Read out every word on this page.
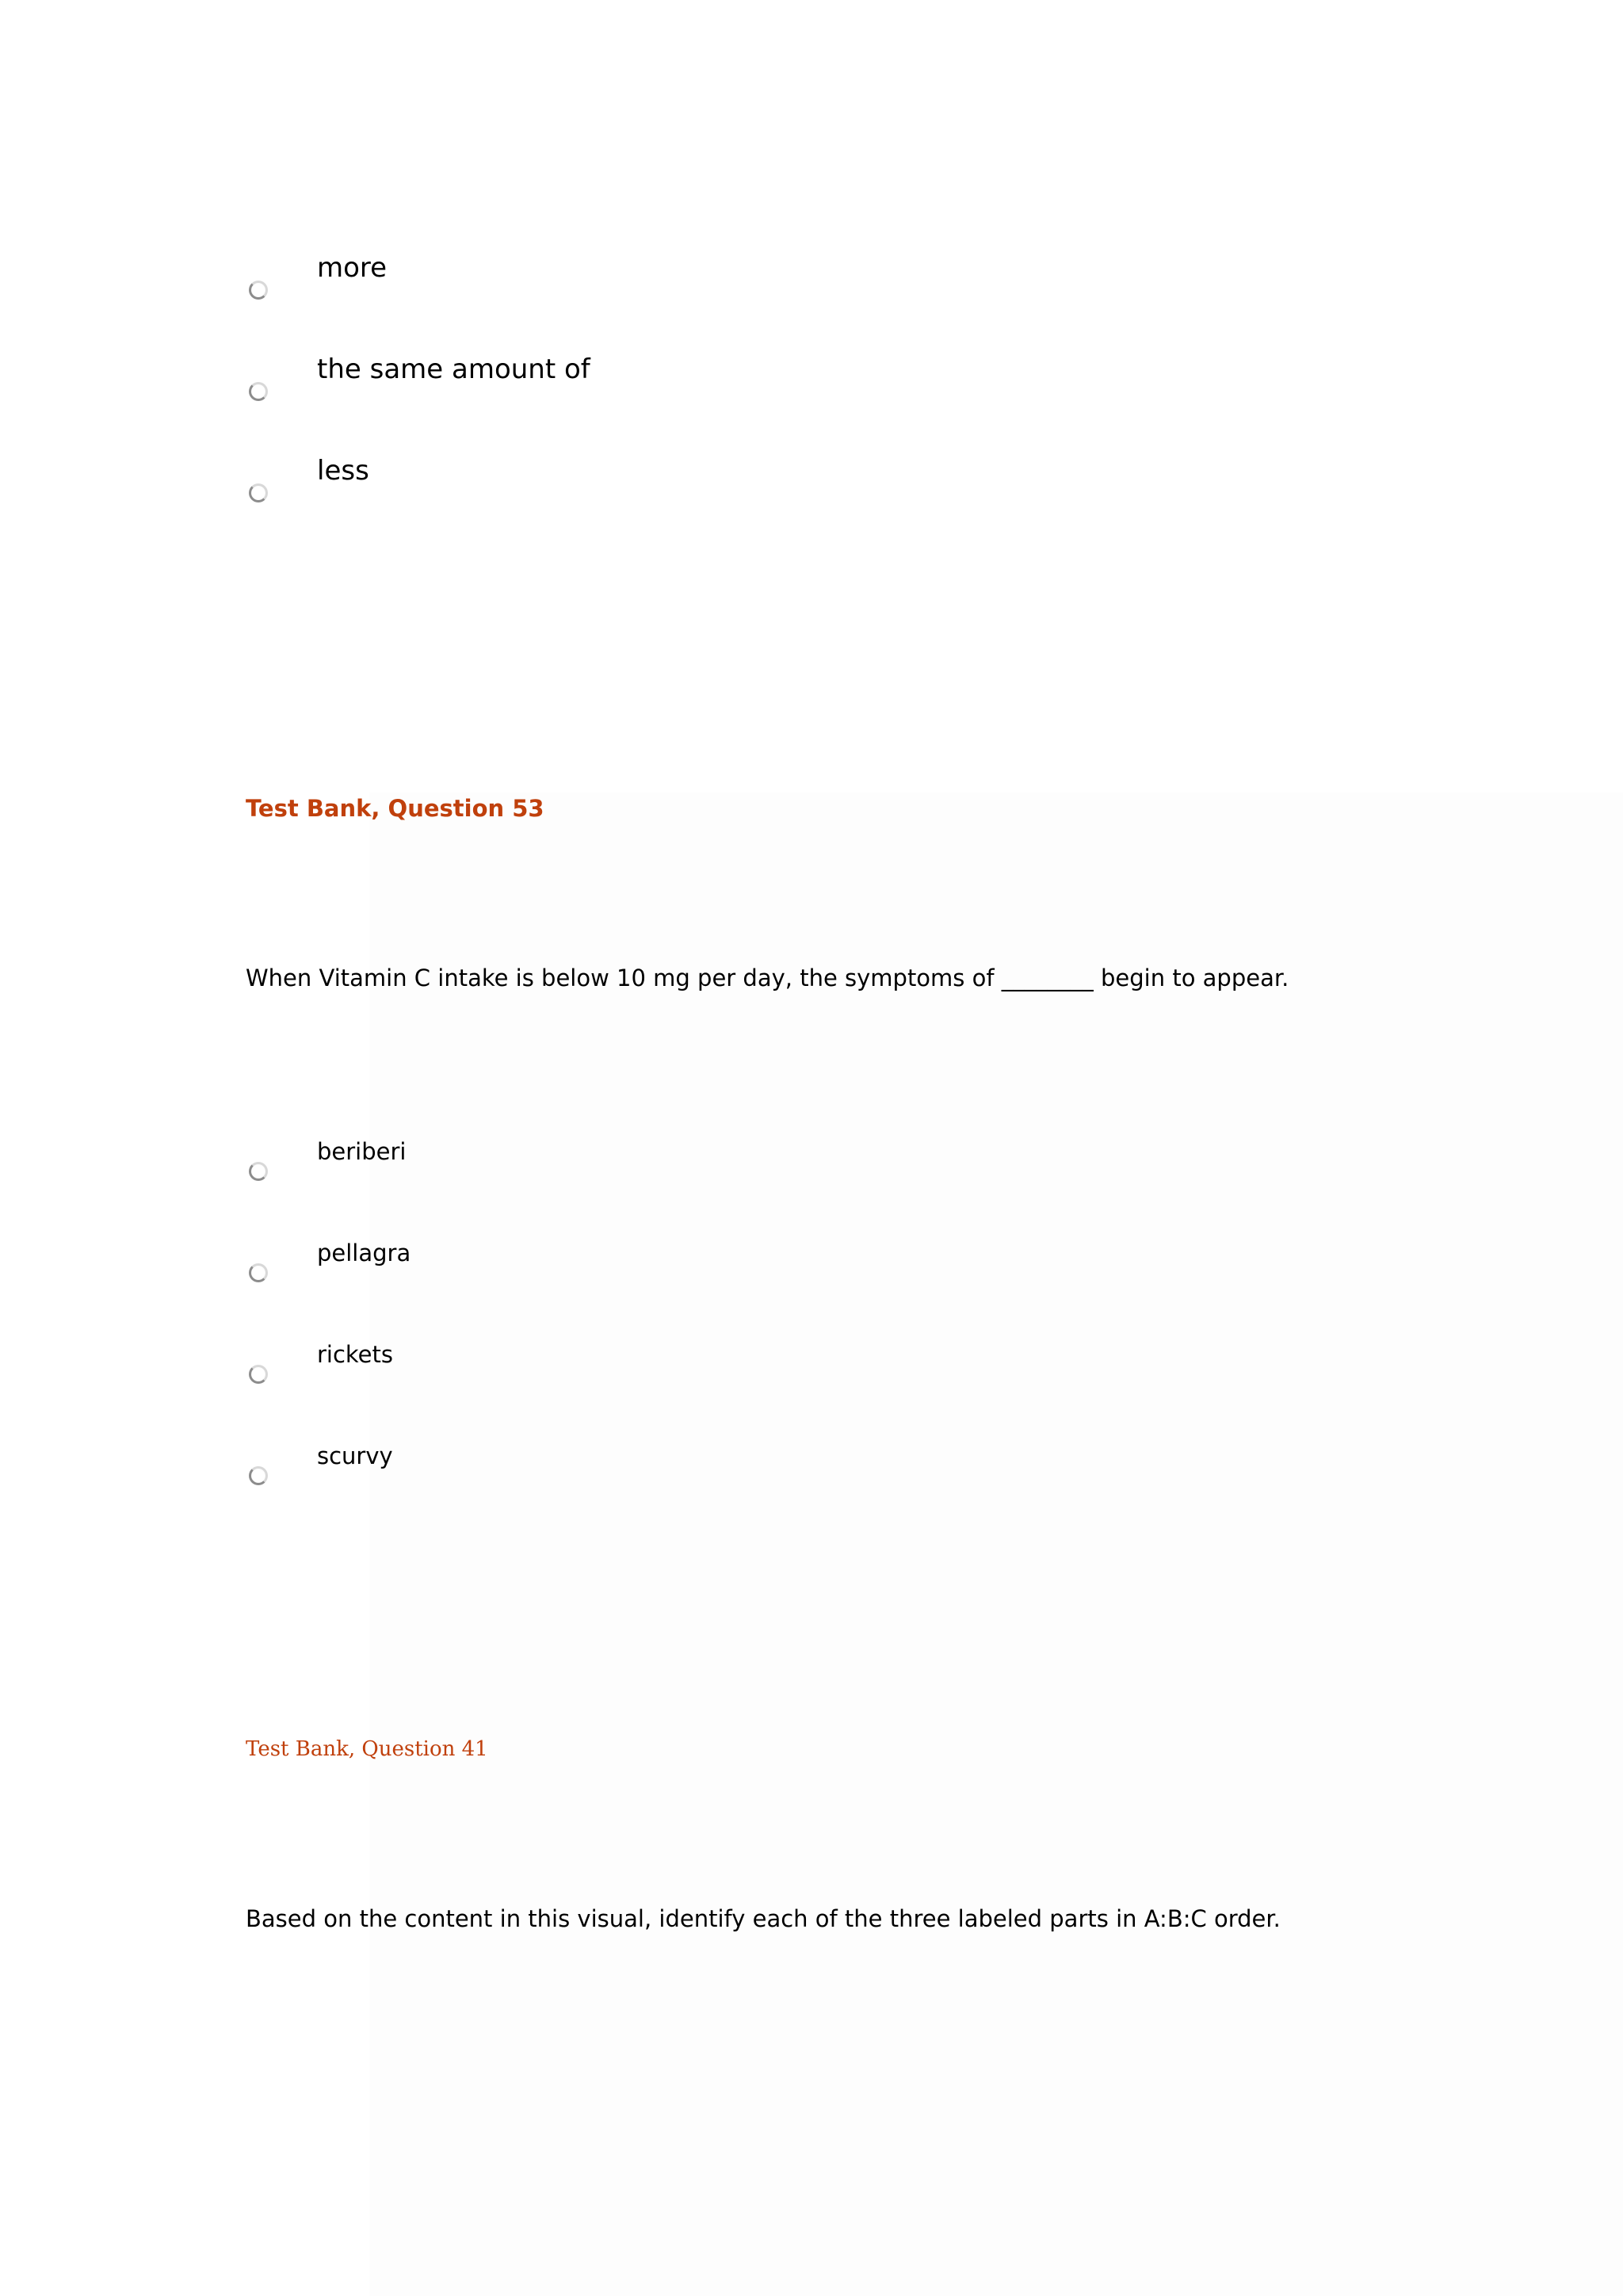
more
the same amount of
less
Test Bank, Question 53
When Vitamin C intake is below 10 mg per day, the symptoms of ________ begin to appear.
beriberi
pellagra
rickets
scurvy
Test Bank, Question 41
Based on the content in this visual, identify each of the three labeled parts in A:B:C order.
